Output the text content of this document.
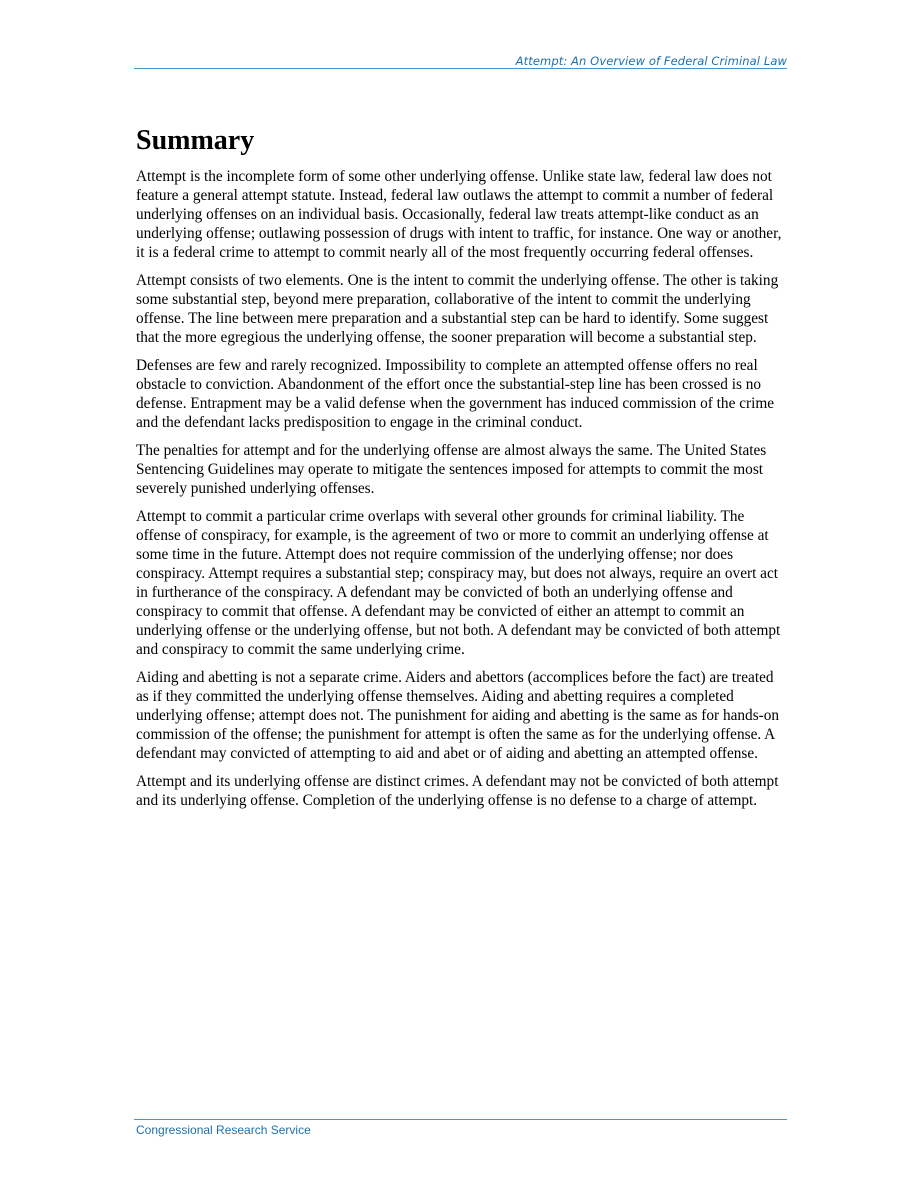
Attempt: An Overview of Federal Criminal Law
Summary

Attempt is the incomplete form of some other underlying offense. Unlike state law, federal law does not feature a general attempt statute. Instead, federal law outlaws the attempt to commit a number of federal underlying offenses on an individual basis. Occasionally, federal law treats attempt-like conduct as an underlying offense; outlawing possession of drugs with intent to traffic, for instance. One way or another, it is a federal crime to attempt to commit nearly all of the most frequently occurring federal offenses.

Attempt consists of two elements. One is the intent to commit the underlying offense. The other is taking some substantial step, beyond mere preparation, collaborative of the intent to commit the underlying offense. The line between mere preparation and a substantial step can be hard to identify. Some suggest that the more egregious the underlying offense, the sooner preparation will become a substantial step.

Defenses are few and rarely recognized. Impossibility to complete an attempted offense offers no real obstacle to conviction. Abandonment of the effort once the substantial-step line has been crossed is no defense. Entrapment may be a valid defense when the government has induced commission of the crime and the defendant lacks predisposition to engage in the criminal conduct.

The penalties for attempt and for the underlying offense are almost always the same. The United States Sentencing Guidelines may operate to mitigate the sentences imposed for attempts to commit the most severely punished underlying offenses.

Attempt to commit a particular crime overlaps with several other grounds for criminal liability. The offense of conspiracy, for example, is the agreement of two or more to commit an underlying offense at some time in the future. Attempt does not require commission of the underlying offense; nor does conspiracy. Attempt requires a substantial step; conspiracy may, but does not always, require an overt act in furtherance of the conspiracy. A defendant may be convicted of both an underlying offense and conspiracy to commit that offense. A defendant may be convicted of either an attempt to commit an underlying offense or the underlying offense, but not both. A defendant may be convicted of both attempt and conspiracy to commit the same underlying crime.

Aiding and abetting is not a separate crime. Aiders and abettors (accomplices before the fact) are treated as if they committed the underlying offense themselves. Aiding and abetting requires a completed underlying offense; attempt does not. The punishment for aiding and abetting is the same as for hands-on commission of the offense; the punishment for attempt is often the same as for the underlying offense. A defendant may convicted of attempting to aid and abet or of aiding and abetting an attempted offense.

Attempt and its underlying offense are distinct crimes. A defendant may not be convicted of both attempt and its underlying offense. Completion of the underlying offense is no defense to a charge of attempt.

Congressional Research Service
